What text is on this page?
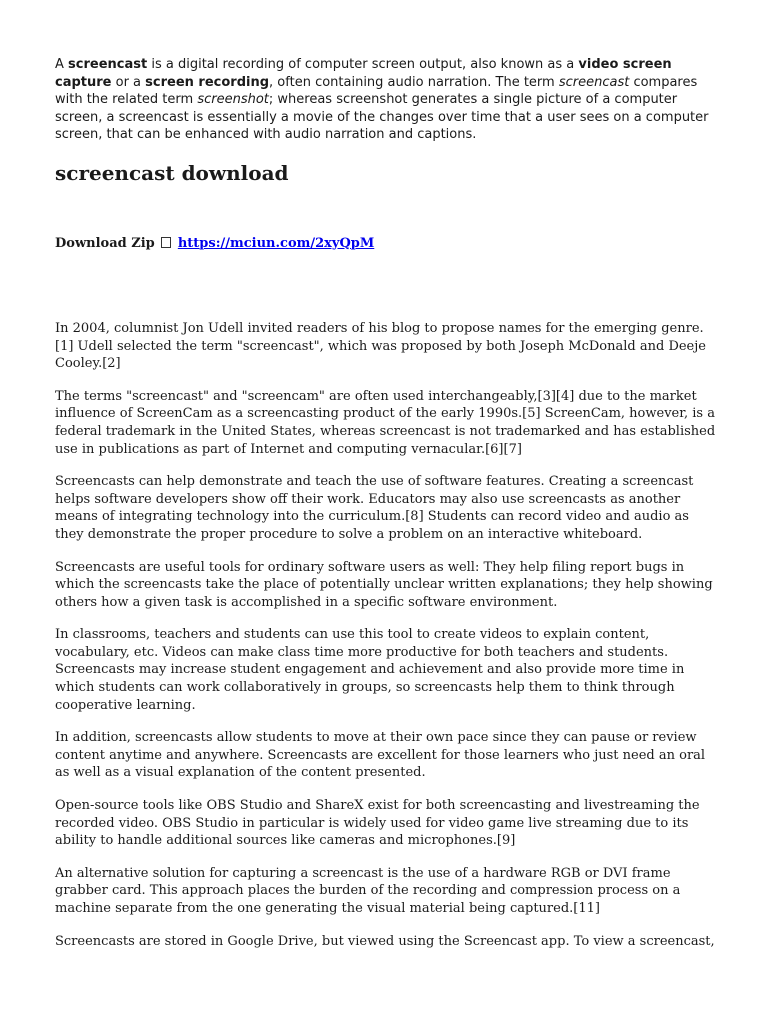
A screencast is a digital recording of computer screen output, also known as a video screen capture or a screen recording, often containing audio narration. The term screencast compares with the related term screenshot; whereas screenshot generates a single picture of a computer screen, a screencast is essentially a movie of the changes over time that a user sees on a computer screen, that can be enhanced with audio narration and captions.

screencast download
Download Zip https://mciun.com/2xyQpM

In 2004, columnist Jon Udell invited readers of his blog to propose names for the emerging genre.[1] Udell selected the term "screencast", which was proposed by both Joseph McDonald and Deeje Cooley.[2]

The terms "screencast" and "screencam" are often used interchangeably,[3][4] due to the market influence of ScreenCam as a screencasting product of the early 1990s.[5] ScreenCam, however, is a federal trademark in the United States, whereas screencast is not trademarked and has established use in publications as part of Internet and computing vernacular.[6][7]

Screencasts can help demonstrate and teach the use of software features. Creating a screencast helps software developers show off their work. Educators may also use screencasts as another means of integrating technology into the curriculum.[8] Students can record video and audio as they demonstrate the proper procedure to solve a problem on an interactive whiteboard.

Screencasts are useful tools for ordinary software users as well: They help filing report bugs in which the screencasts take the place of potentially unclear written explanations; they help showing others how a given task is accomplished in a specific software environment.

In classrooms, teachers and students can use this tool to create videos to explain content, vocabulary, etc. Videos can make class time more productive for both teachers and students. Screencasts may increase student engagement and achievement and also provide more time in which students can work collaboratively in groups, so screencasts help them to think through cooperative learning.

In addition, screencasts allow students to move at their own pace since they can pause or review content anytime and anywhere. Screencasts are excellent for those learners who just need an oral as well as a visual explanation of the content presented.

Open-source tools like OBS Studio and ShareX exist for both screencasting and livestreaming the recorded video. OBS Studio in particular is widely used for video game live streaming due to its ability to handle additional sources like cameras and microphones.[9]

An alternative solution for capturing a screencast is the use of a hardware RGB or DVI frame grabber card. This approach places the burden of the recording and compression process on a machine separate from the one generating the visual material being captured.[11]

Screencasts are stored in Google Drive, but viewed using the Screencast app. To view a screencast,
